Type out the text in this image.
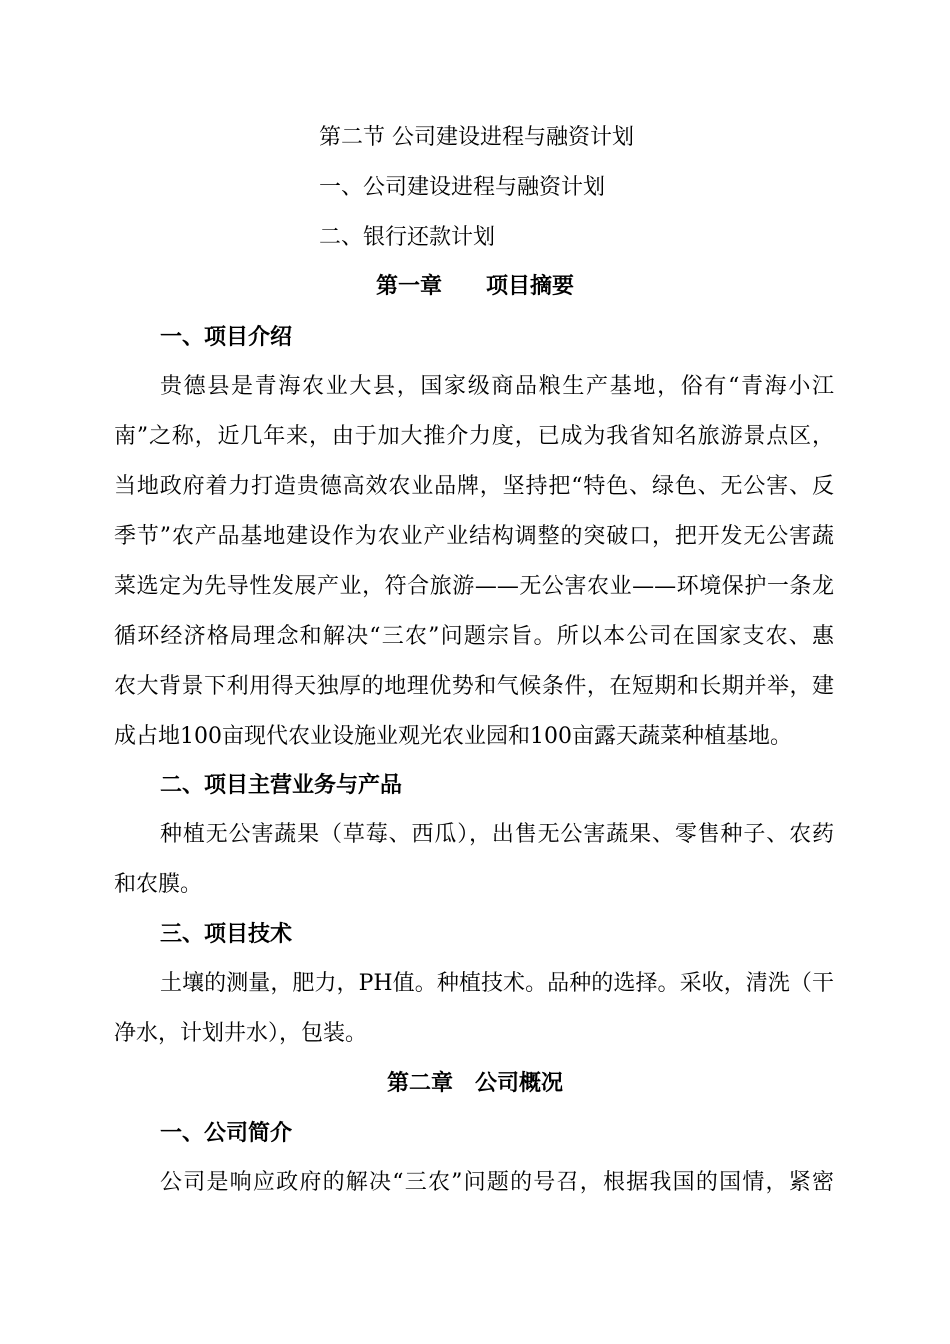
第二节 公司建设进程与融资计划
一、公司建设进程与融资计划
二、银行还款计划
第一章　　项目摘要
一、项目介绍
贵德县是青海农业大县，国家级商品粮生产基地，俗有“青海小江
南”之称，近几年来，由于加大推介力度，已成为我省知名旅游景点区，
当地政府着力打造贵德高效农业品牌，坚持把“特色、绿色、无公害、反
季节”农产品基地建设作为农业产业结构调整的突破口，把开发无公害蔬
菜选定为先导性发展产业，符合旅游——无公害农业——环境保护一条龙
循环经济格局理念和解决“三农”问题宗旨。所以本公司在国家支农、惠
农大背景下利用得天独厚的地理优势和气候条件，在短期和长期并举，建
成占地100亩现代农业设施业观光农业园和100亩露天蔬菜种植基地。
二、项目主营业务与产品
种植无公害蔬果（草莓、西瓜），出售无公害蔬果、零售种子、农药
和农膜。
三、项目技术
土壤的测量，肥力，PH值。种植技术。品种的选择。采收，清洗（干
净水，计划井水），包装。
第二章　公司概况
一、公司简介
公司是响应政府的解决“三农”问题的号召，根据我国的国情，紧密
